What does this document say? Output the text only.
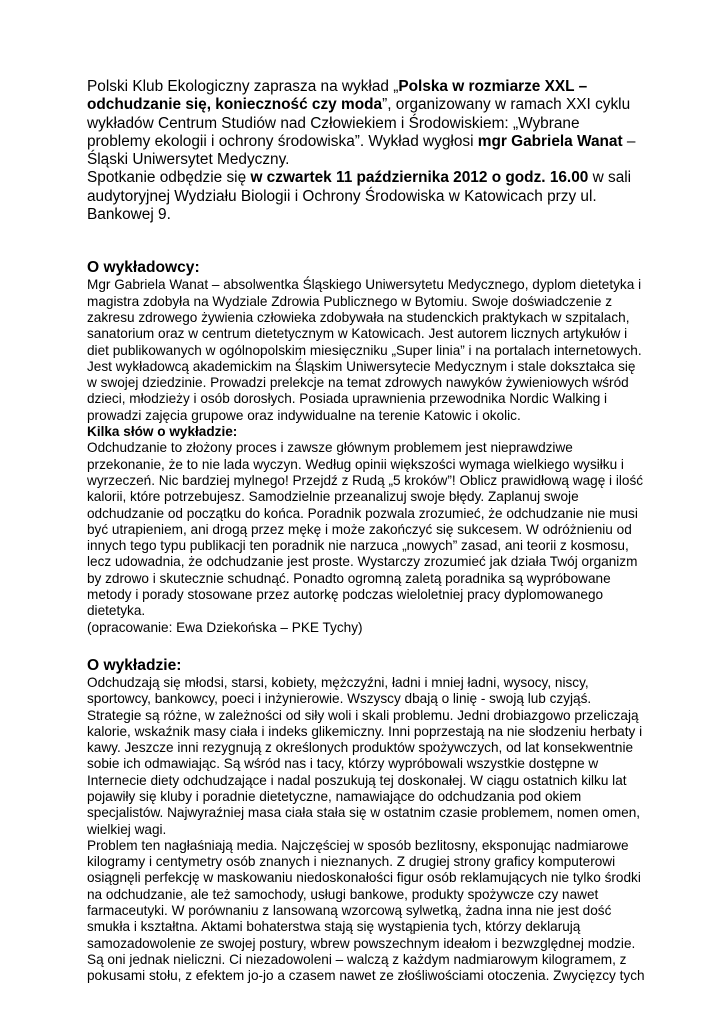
Polski Klub Ekologiczny zaprasza na wykład „Polska w rozmiarze XXL – odchudzanie się, konieczność czy moda”, organizowany w ramach XXI cyklu wykładów Centrum Studiów nad Człowiekiem i Środowiskiem: „Wybrane problemy ekologii i ochrony środowiska”. Wykład wygłosi mgr Gabriela Wanat – Śląski Uniwersytet Medyczny.

Spotkanie odbędzie się w czwartek 11 października 2012 o godz. 16.00 w sali audytoryjnej Wydziału Biologii i Ochrony Środowiska w Katowicach przy ul. Bankowej 9.

O wykładowcy:

Mgr Gabriela Wanat – absolwentka Śląskiego Uniwersytetu Medycznego, dyplom dietetyka i magistra zdobyła na Wydziale Zdrowia Publicznego w Bytomiu. Swoje doświadczenie z zakresu zdrowego żywienia człowieka zdobywała na studenckich praktykach w szpitalach, sanatorium oraz w centrum dietetycznym w Katowicach. Jest autorem licznych artykułów i diet publikowanych w ogólnopolskim miesięczniku „Super linia” i na portalach internetowych. Jest wykładowcą akademickim na Śląskim Uniwersytecie Medycznym i stale dokształca się w swojej dziedzinie. Prowadzi prelekcje na temat zdrowych nawyków żywieniowych wśród dzieci, młodzieży i osób dorosłych. Posiada uprawnienia przewodnika Nordic Walking i prowadzi zajęcia grupowe oraz indywidualne na terenie Katowic i okolic.

Kilka słów o wykładzie:

Odchudzanie to złożony proces i zawsze głównym problemem jest nieprawdziwe przekonanie, że to nie lada wyczyn. Według opinii większości wymaga wielkiego wysiłku i wyrzeczeń. Nic bardziej mylnego! Przejdź z Rudą „5 kroków”! Oblicz prawidłową wagę i ilość kalorii, które potrzebujesz. Samodzielnie przeanalizuj swoje błędy. Zaplanuj swoje odchudzanie od początku do końca. Poradnik pozwala zrozumieć, że odchudzanie nie musi być utrapieniem, ani drogą przez mękę i może zakończyć się sukcesem. W odróżnieniu od innych tego typu publikacji ten poradnik nie narzuca „nowych” zasad, ani teorii z kosmosu, lecz udowadnia, że odchudzanie jest proste. Wystarczy zrozumieć jak działa Twój organizm by zdrowo i skutecznie schudnąć. Ponadto ogromną zaletą poradnika są wypróbowane metody i porady stosowane przez autorkę podczas wieloletniej pracy dyplomowanego dietetyka.

(opracowanie: Ewa Dziekońska – PKE Tychy)

O wykładzie:

Odchudzają się młodsi, starsi, kobiety, mężczyźni, ładni i mniej ładni, wysocy, niscy, sportowcy, bankowcy, poeci i inżynierowie. Wszyscy dbają o linię - swoją lub czyjąś. Strategie są różne, w zależności od siły woli i skali problemu. Jedni drobiazgowo przeliczają kalorie, wskaźnik masy ciała i indeks glikemiczny. Inni poprzestają na nie słodzeniu herbaty i kawy. Jeszcze inni rezygnują z określonych produktów spożywczych, od lat konsekwentnie sobie ich odmawiając. Są wśród nas i tacy, którzy wypróbowali wszystkie dostępne w Internecie diety odchudzające i nadal poszukują tej doskonałej. W ciągu ostatnich kilku lat pojawiły się kluby i poradnie dietetyczne, namawiające do odchudzania pod okiem specjalistów. Najwyraźniej masa ciała stała się w ostatnim czasie problemem, nomen omen, wielkiej wagi.

Problem ten nagłaśniają media. Najczęściej w sposób bezlitosny, eksponując nadmiarowe kilogramy i centymetry osób znanych i nieznanych. Z drugiej strony graficy komputerowi osiągnęli perfekcję w maskowaniu niedoskonałości figur osób reklamujących nie tylko środki na odchudzanie, ale też samochody, usługi bankowe, produkty spożywcze czy nawet farmaceutyki. W porównaniu z lansowaną wzorcową sylwetką, żadna inna nie jest dość smukła i kształtna. Aktami bohaterstwa stają się wystąpienia tych, którzy deklarują samozadowolenie ze swojej postury, wbrew powszechnym ideałom i bezwzględnej modzie. Są oni jednak nieliczni. Ci niezadowoleni – walczą z każdym nadmiarowym kilogramem, z pokusami stołu, z efektem jo-jo a czasem nawet ze złośliwościami otoczenia. Zwycięzcy tych
